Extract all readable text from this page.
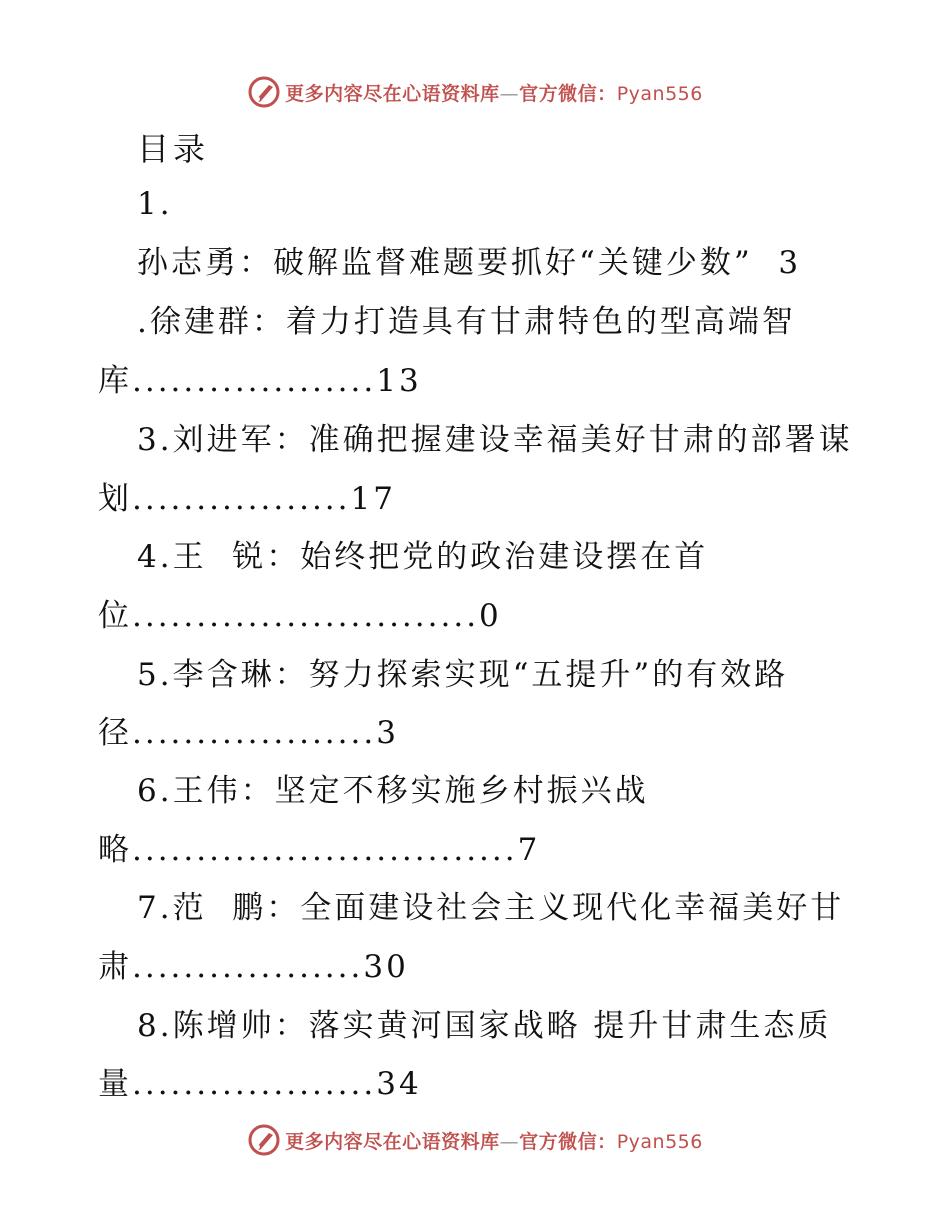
更多内容尽在心语资料库—官方微信：Pyan556
目录
1.
孙志勇：破解监督难题要抓好“关键少数”  3
.徐建群：着力打造具有甘肃特色的型高端智
库...................13
3.刘进军：准确把握建设幸福美好甘肃的部署谋
划.................17
4.王  锐：始终把党的政治建设摆在首
位...........................0
5.李含琳：努力探索实现“五提升”的有效路
径...................3
6.王伟：坚定不移实施乡村振兴战
略..............................7
7.范  鹏：全面建设社会主义现代化幸福美好甘
肃..................30
8.陈增帅：落实黄河国家战略 提升甘肃生态质
量...................34
更多内容尽在心语资料库—官方微信：Pyan556
